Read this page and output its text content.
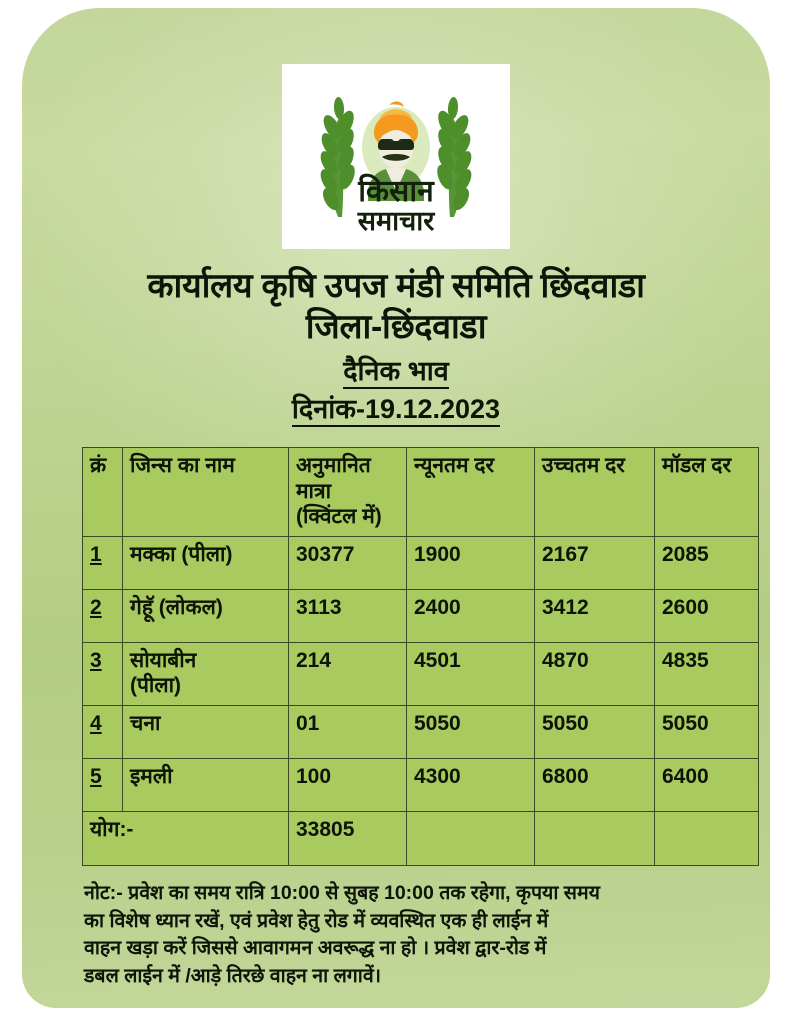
किसान
समाचार
कार्यालय कृषि उपज मंडी समिति छिंदवाडा
जिला-छिंदवाडा
दैनिक भाव
दिनांक-19.12.2023
क्रं	जिन्स का नाम	अनुमानित
मात्रा
(क्विंटल में)	न्यूनतम दर	उच्चतम दर	मॉडल दर
1	मक्का (पीला)	30377	1900	2167	2085
2	गेहॅू (लोकल)	3113	2400	3412	2600
3	सोयाबीन
(पीला)	214	4501	4870	4835
4	चना	01	5050	5050	5050
5	इमली	100	4300	6800	6400
योग:-		33805			
नोट:- प्रवेश का समय रात्रि 10:00 से सुबह 10:00 तक रहेगा, कृपया समय
का विशेष ध्यान रखें, एवं प्रवेश हेतु रोड में व्यवस्थित एक ही लाईन में
वाहन खड़ा करें जिससे आवागमन अवरूद्ध ना हो । प्रवेश द्वार-रोड में
डबल लाईन में /आड़े तिरछे वाहन ना लगावें।
